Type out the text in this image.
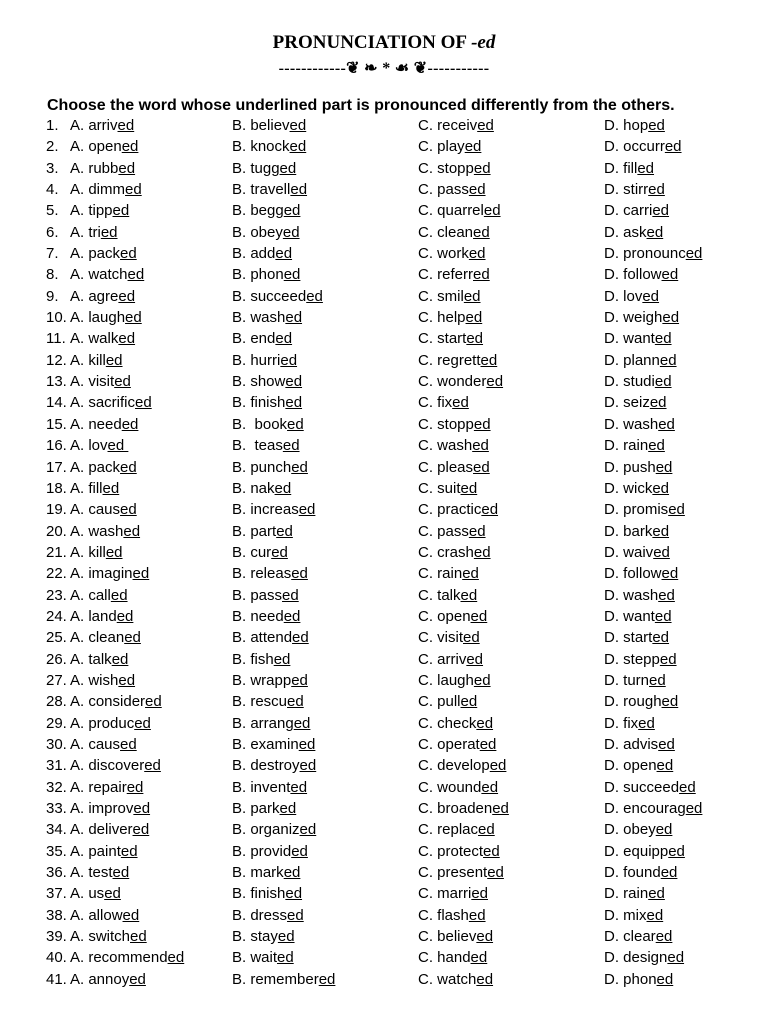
PRONUNCIATION OF -ed
------------❦ ❧ * ☙ ❦-----------
Choose the word whose underlined part is pronounced differently from the others.
1. A. arrived	B. believed	C. received	D. hoped
2. A. opened	B. knocked	C. played	D. occurred
3. A. rubbed	B. tugged	C. stopped	D. filled
4. A. dimmed	B. travelled	C. passed	D. stirred
5. A. tipped	B. begged	C. quarreled	D. carried
6. A. tried	B. obeyed	C. cleaned	D. asked
7. A. packed	B. added	C. worked	D. pronounced
8. A. watched	B. phoned	C. referred	D. followed
9. A. agreed	B. succeeded	C. smiled	D. loved
10. A. laughed	B. washed	C. helped	D. weighed
11. A. walked	B. ended	C. started	D. wanted
12. A. killed	B. hurried	C. regretted	D. planned
13. A. visited	B. showed	C. wondered	D. studied
14. A. sacrificed	B. finished	C. fixed	D. seized
15. A. needed	B.  booked	C. stopped	D. washed
16. A. loved	B.  teased	C. washed	D. rained
17. A. packed	B. punched	C. pleased	D. pushed
18. A. filled	B. naked	C. suited	D. wicked
19. A. caused	B. increased	C. practiced	D. promised
20. A. washed	B. parted	C. passed	D. barked
21. A. killed	B. cured	C. crashed	D. waived
22. A. imagined	B. released	C. rained	D. followed
23. A. called	B. passed	C. talked	D. washed
24. A. landed	B. needed	C. opened	D. wanted
25. A. cleaned	B. attended	C. visited	D. started
26. A. talked	B. fished	C. arrived	D. stepped
27. A. wished	B. wrapped	C. laughed	D. turned
28. A. considered	B. rescued	C. pulled	D. roughed
29. A. produced	B. arranged	C. checked	D. fixed
30. A. caused	B. examined	C. operated	D. advised
31. A. discovered	B. destroyed	C. developed	D. opened
32. A. repaired	B. invented	C. wounded	D. succeeded
33. A. improved	B. parked	C. broadened	D. encouraged
34. A. delivered	B. organized	C. replaced	D. obeyed
35. A. painted	B. provided	C. protected	D. equipped
36. A. tested	B. marked	C. presented	D. founded
37. A. used	B. finished	C. married	D. rained
38. A. allowed	B. dressed	C. flashed	D. mixed
39. A. switched	B. stayed	C. believed	D. cleared
40. A. recommended	B. waited	C. handed	D. designed
41. A. annoyed	B. remembered	C. watched	D. phoned
